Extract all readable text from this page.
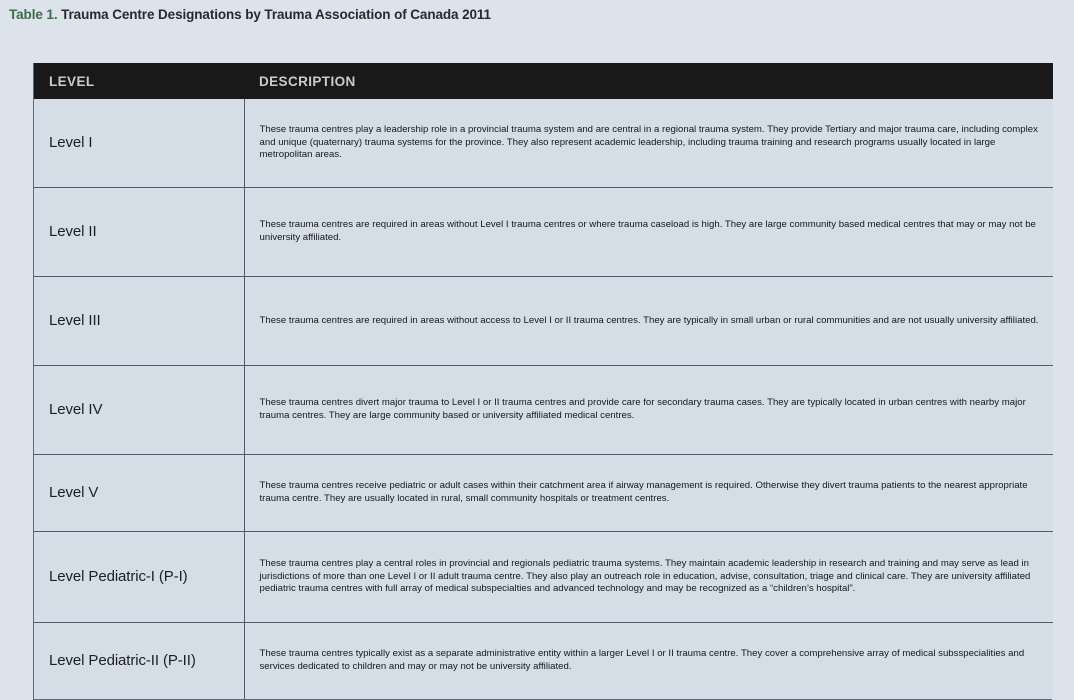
Table 1. Trauma Centre Designations by Trauma Association of Canada 2011
LEVEL	DESCRIPTION
Level I	These trauma centres play a leadership role in a provincial trauma system and are central in a regional trauma system. They provide Tertiary and major trauma care, including complex and unique (quaternary) trauma systems for the province. They also represent academic leadership, including trauma training and research programs usually located in large metropolitan areas.
Level II	These trauma centres are required in areas without Level I trauma centres or where trauma caseload is high. They are large community based medical centres that may or may not be university affiliated.
Level III	These trauma centres are required in areas without access to Level I or II trauma centres. They are typically in small urban or rural communities and are not usually university affiliated.
Level IV	These trauma centres divert major trauma to Level I or II trauma centres and provide care for secondary trauma cases. They are typically located in urban centres with nearby major trauma centres. They are large community based or university affiliated medical centres.
Level V	These trauma centres receive pediatric or adult cases within their catchment area if airway management is required. Otherwise they divert trauma patients to the nearest appropriate trauma centre. They are usually located in rural, small community hospitals or treatment centres.
Level Pediatric-I (P-I)	These trauma centres play a central roles in provincial and regionals pediatric trauma systems. They maintain academic leadership in research and training and may serve as lead in jurisdictions of more than one Level I or II adult trauma centre. They also play an outreach role in education, advise, consultation, triage and clinical care. They are university affiliated pediatric trauma centres with full array of medical subspecialties and advanced technology and may be recognized as a “children’s hospital”.
Level Pediatric-II (P-II)	These trauma centres typically exist as a separate administrative entity within a larger Level I or II trauma centre. They cover a comprehensive array of medical subsspecialities and services dedicated to children and may or may not be university affiliated.
